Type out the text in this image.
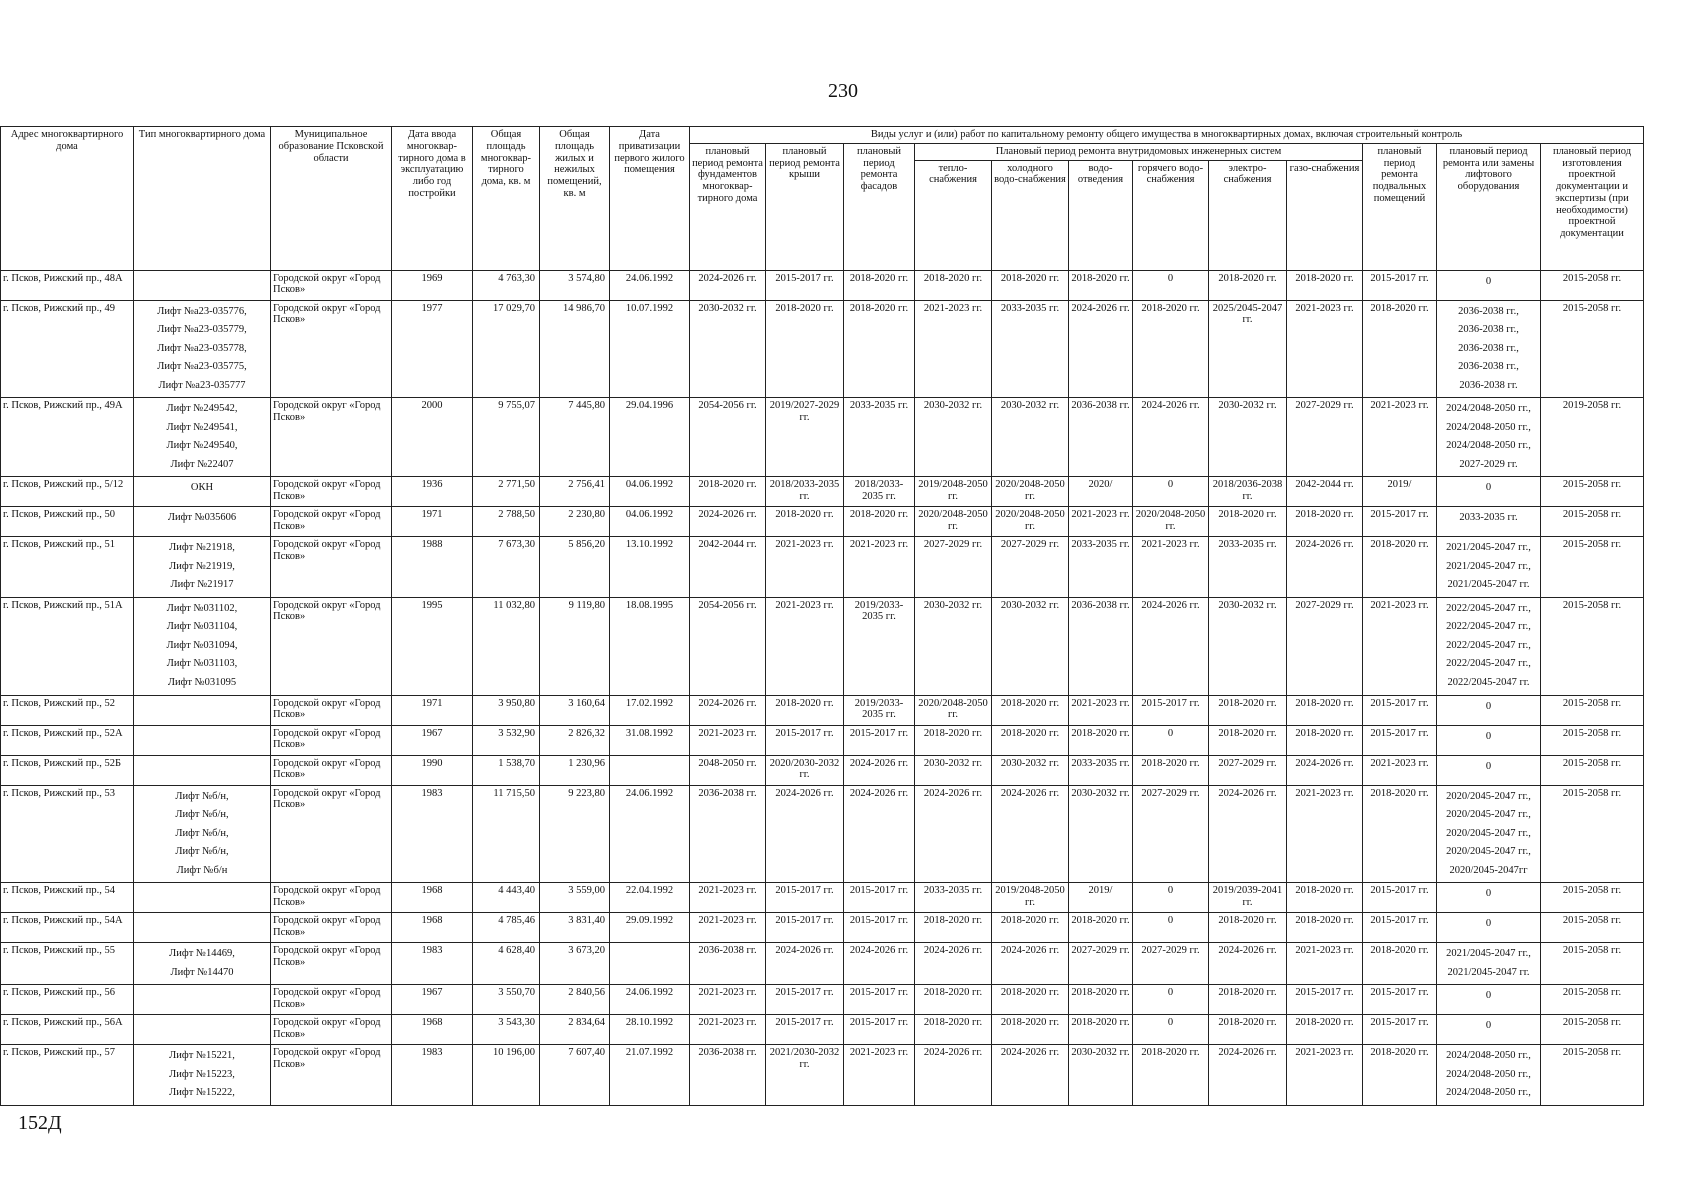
230
Адрес многоквартирного дома	Тип многоквартирного дома	Муниципальное образование Псковской области	Дата ввода многоквар-тирного дома в эксплуатацию либо год постройки	Общая площадь многоквар-тирного дома, кв. м	Общая площадь жилых и нежилых помещений, кв. м	Дата приватизации первого жилого помещения	Виды услуг и (или) работ по капитальному ремонту общего имущества в многоквартирных домах, включая строительный контроль											
							плановый период ремонта фундаментов многоквар-тирного дома	плановый период ремонта крыши	плановый период ремонта фасадов	Плановый период ремонта внутридомовых инженерных систем						плановый период ремонта подвальных помещений	плановый период ремонта или замены лифтового оборудования	плановый период изготовления проектной документации и экспертизы (при необходимости) проектной документации
										тепло-снабжения	холодного водо-снабжения	водо-отведения	горячего водо-снабжения	электро-снабжения	газо-снабжения			
г. Псков, Рижский пр., 48А		Городской округ «Город Псков»	1969	4 763,30	3 574,80	24.06.1992	2024-2026 гг.	2015-2017 гг.	2018-2020 гг.	2018-2020 гг.	2018-2020 гг.	2018-2020 гг.	0	2018-2020 гг.	2018-2020 гг.	2015-2017 гг.	0	2015-2058 гг.
г. Псков, Рижский пр., 49	Лифт №а23-035776,
Лифт №а23-035779,
Лифт №а23-035778,
Лифт №а23-035775,
Лифт №а23-035777	Городской округ «Город Псков»	1977	17 029,70	14 986,70	10.07.1992	2030-2032 гг.	2018-2020 гг.	2018-2020 гг.	2021-2023 гг.	2033-2035 гг.	2024-2026 гг.	2018-2020 гг.	2025/2045-2047 гг.	2021-2023 гг.	2018-2020 гг.	2036-2038 гг.,
2036-2038 гг.,
2036-2038 гг.,
2036-2038 гг.,
2036-2038 гг.	2015-2058 гг.
г. Псков, Рижский пр., 49А	Лифт №249542,
Лифт №249541,
Лифт №249540,
Лифт №22407	Городской округ «Город Псков»	2000	9 755,07	7 445,80	29.04.1996	2054-2056 гг.	2019/2027-2029 гг.	2033-2035 гг.	2030-2032 гг.	2030-2032 гг.	2036-2038 гг.	2024-2026 гг.	2030-2032 гг.	2027-2029 гг.	2021-2023 гг.	2024/2048-2050 гг.,
2024/2048-2050 гг.,
2024/2048-2050 гг.,
2027-2029 гг.	2019-2058 гг.
г. Псков, Рижский пр., 5/12	ОКН	Городской округ «Город Псков»	1936	2 771,50	2 756,41	04.06.1992	2018-2020 гг.	2018/2033-2035 гг.	2018/2033-2035 гг.	2019/2048-2050 гг.	2020/2048-2050 гг.	2020/	0	2018/2036-2038 гг.	2042-2044 гг.	2019/	0	2015-2058 гг.
г. Псков, Рижский пр., 50	Лифт №035606	Городской округ «Город Псков»	1971	2 788,50	2 230,80	04.06.1992	2024-2026 гг.	2018-2020 гг.	2018-2020 гг.	2020/2048-2050 гг.	2020/2048-2050 гг.	2021-2023 гг.	2020/2048-2050 гг.	2018-2020 гг.	2018-2020 гг.	2015-2017 гг.	2033-2035 гг.	2015-2058 гг.
г. Псков, Рижский пр., 51	Лифт №21918,
Лифт №21919,
Лифт №21917	Городской округ «Город Псков»	1988	7 673,30	5 856,20	13.10.1992	2042-2044 гг.	2021-2023 гг.	2021-2023 гг.	2027-2029 гг.	2027-2029 гг.	2033-2035 гг.	2021-2023 гг.	2033-2035 гг.	2024-2026 гг.	2018-2020 гг.	2021/2045-2047 гг.,
2021/2045-2047 гг.,
2021/2045-2047 гг.	2015-2058 гг.
г. Псков, Рижский пр., 51А	Лифт №031102,
Лифт №031104,
Лифт №031094,
Лифт №031103,
Лифт №031095	Городской округ «Город Псков»	1995	11 032,80	9 119,80	18.08.1995	2054-2056 гг.	2021-2023 гг.	2019/2033-2035 гг.	2030-2032 гг.	2030-2032 гг.	2036-2038 гг.	2024-2026 гг.	2030-2032 гг.	2027-2029 гг.	2021-2023 гг.	2022/2045-2047 гг.,
2022/2045-2047 гг.,
2022/2045-2047 гг.,
2022/2045-2047 гг.,
2022/2045-2047 гг.	2015-2058 гг.
г. Псков, Рижский пр., 52		Городской округ «Город Псков»	1971	3 950,80	3 160,64	17.02.1992	2024-2026 гг.	2018-2020 гг.	2019/2033-2035 гг.	2020/2048-2050 гг.	2018-2020 гг.	2021-2023 гг.	2015-2017 гг.	2018-2020 гг.	2018-2020 гг.	2015-2017 гг.	0	2015-2058 гг.
г. Псков, Рижский пр., 52А		Городской округ «Город Псков»	1967	3 532,90	2 826,32	31.08.1992	2021-2023 гг.	2015-2017 гг.	2015-2017 гг.	2018-2020 гг.	2018-2020 гг.	2018-2020 гг.	0	2018-2020 гг.	2018-2020 гг.	2015-2017 гг.	0	2015-2058 гг.
г. Псков, Рижский пр., 52Б		Городской округ «Город Псков»	1990	1 538,70	1 230,96		2048-2050 гг.	2020/2030-2032 гг.	2024-2026 гг.	2030-2032 гг.	2030-2032 гг.	2033-2035 гг.	2018-2020 гг.	2027-2029 гг.	2024-2026 гг.	2021-2023 гг.	0	2015-2058 гг.
г. Псков, Рижский пр., 53	Лифт №б/н,
Лифт №б/н,
Лифт №б/н,
Лифт №б/н,
Лифт №б/н	Городской округ «Город Псков»	1983	11 715,50	9 223,80	24.06.1992	2036-2038 гг.	2024-2026 гг.	2024-2026 гг.	2024-2026 гг.	2024-2026 гг.	2030-2032 гг.	2027-2029 гг.	2024-2026 гг.	2021-2023 гг.	2018-2020 гг.	2020/2045-2047 гг.,
2020/2045-2047 гг.,
2020/2045-2047 гг.,
2020/2045-2047 гг.,
2020/2045-2047гг	2015-2058 гг.
г. Псков, Рижский пр., 54		Городской округ «Город Псков»	1968	4 443,40	3 559,00	22.04.1992	2021-2023 гг.	2015-2017 гг.	2015-2017 гг.	2033-2035 гг.	2019/2048-2050 гг.	2019/	0	2019/2039-2041 гг.	2018-2020 гг.	2015-2017 гг.	0	2015-2058 гг.
г. Псков, Рижский пр., 54А		Городской округ «Город Псков»	1968	4 785,46	3 831,40	29.09.1992	2021-2023 гг.	2015-2017 гг.	2015-2017 гг.	2018-2020 гг.	2018-2020 гг.	2018-2020 гг.	0	2018-2020 гг.	2018-2020 гг.	2015-2017 гг.	0	2015-2058 гг.
г. Псков, Рижский пр., 55	Лифт №14469,
Лифт №14470	Городской округ «Город Псков»	1983	4 628,40	3 673,20		2036-2038 гг.	2024-2026 гг.	2024-2026 гг.	2024-2026 гг.	2024-2026 гг.	2027-2029 гг.	2027-2029 гг.	2024-2026 гг.	2021-2023 гг.	2018-2020 гг.	2021/2045-2047 гг.,
2021/2045-2047 гг.	2015-2058 гг.
г. Псков, Рижский пр., 56		Городской округ «Город Псков»	1967	3 550,70	2 840,56	24.06.1992	2021-2023 гг.	2015-2017 гг.	2015-2017 гг.	2018-2020 гг.	2018-2020 гг.	2018-2020 гг.	0	2018-2020 гг.	2015-2017 гг.	2015-2017 гг.	0	2015-2058 гг.
г. Псков, Рижский пр., 56А		Городской округ «Город Псков»	1968	3 543,30	2 834,64	28.10.1992	2021-2023 гг.	2015-2017 гг.	2015-2017 гг.	2018-2020 гг.	2018-2020 гг.	2018-2020 гг.	0	2018-2020 гг.	2018-2020 гг.	2015-2017 гг.	0	2015-2058 гг.
г. Псков, Рижский пр., 57	Лифт №15221,
Лифт №15223,
Лифт №15222,	Городской округ «Город Псков»	1983	10 196,00	7 607,40	21.07.1992	2036-2038 гг.	2021/2030-2032 гг.	2021-2023 гг.	2024-2026 гг.	2024-2026 гг.	2030-2032 гг.	2018-2020 гг.	2024-2026 гг.	2021-2023 гг.	2018-2020 гг.	2024/2048-2050 гг.,
2024/2048-2050 гг.,
2024/2048-2050 гг.,	2015-2058 гг.
152Д
